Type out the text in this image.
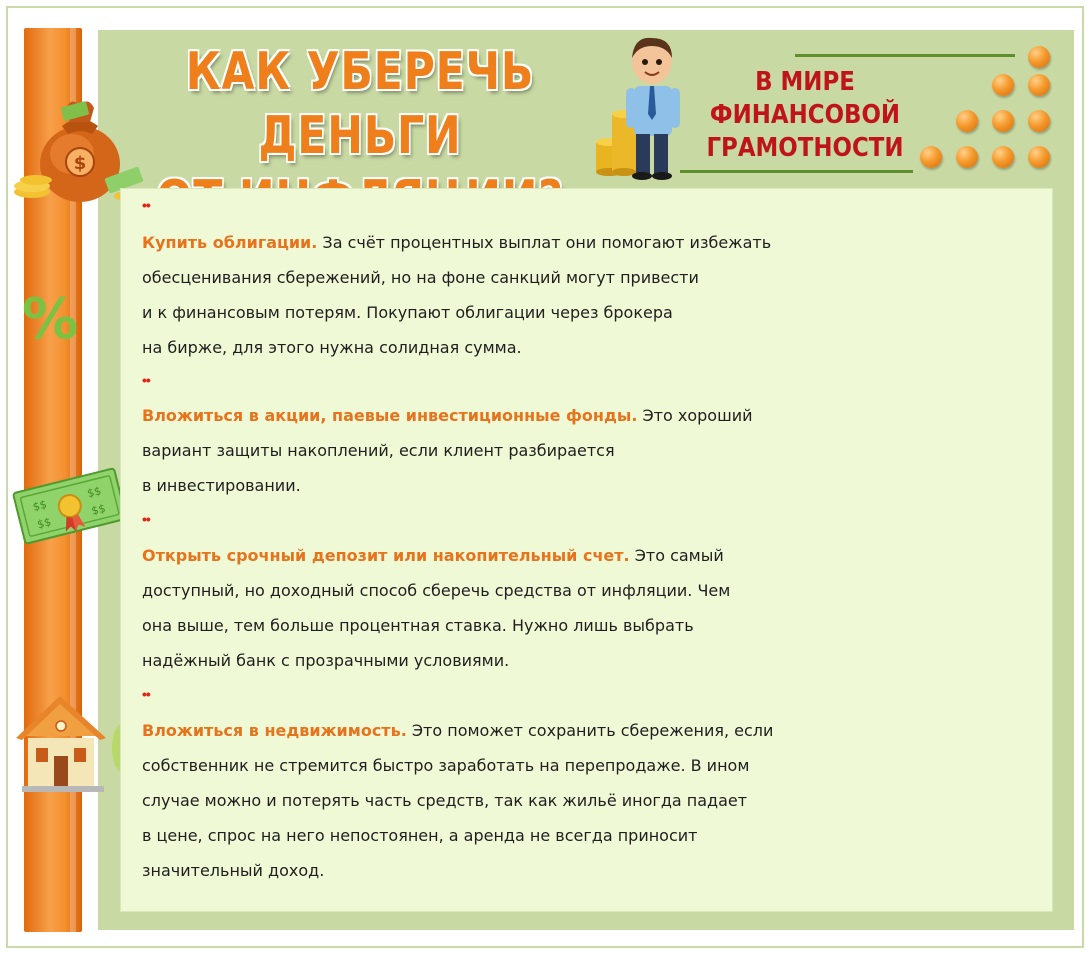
$
%
$$
$$
$$
$$
КАК УБЕРЕЧЬ ДЕНЬГИ
В МИРЕ
ФИНАНСОВОЙ
ГРАМОТНОСТИ
••
Купить облигации. За счёт процентных выплат они помогают избежать
обесценивания сбережений, но на фоне санкций могут привести
и к финансовым потерям. Покупают облигации через брокера
на бирже, для этого нужна солидная сумма.
••
Вложиться в акции, паевые инвестиционные фонды. Это хороший
вариант защиты накоплений, если клиент разбирается
в инвестировании.
••
Открыть срочный депозит или накопительный счет. Это самый
доступный, но доходный способ сберечь средства от инфляции. Чем
она выше, тем больше процентная ставка. Нужно лишь выбрать
надёжный банк с прозрачными условиями.
••
Вложиться в недвижимость. Это поможет сохранить сбережения, если
собственник не стремится быстро заработать на перепродаже. В ином
случае можно и потерять часть средств, так как жильё иногда падает
в цене, спрос на него непостоянен, а аренда не всегда приносит
значительный доход.
